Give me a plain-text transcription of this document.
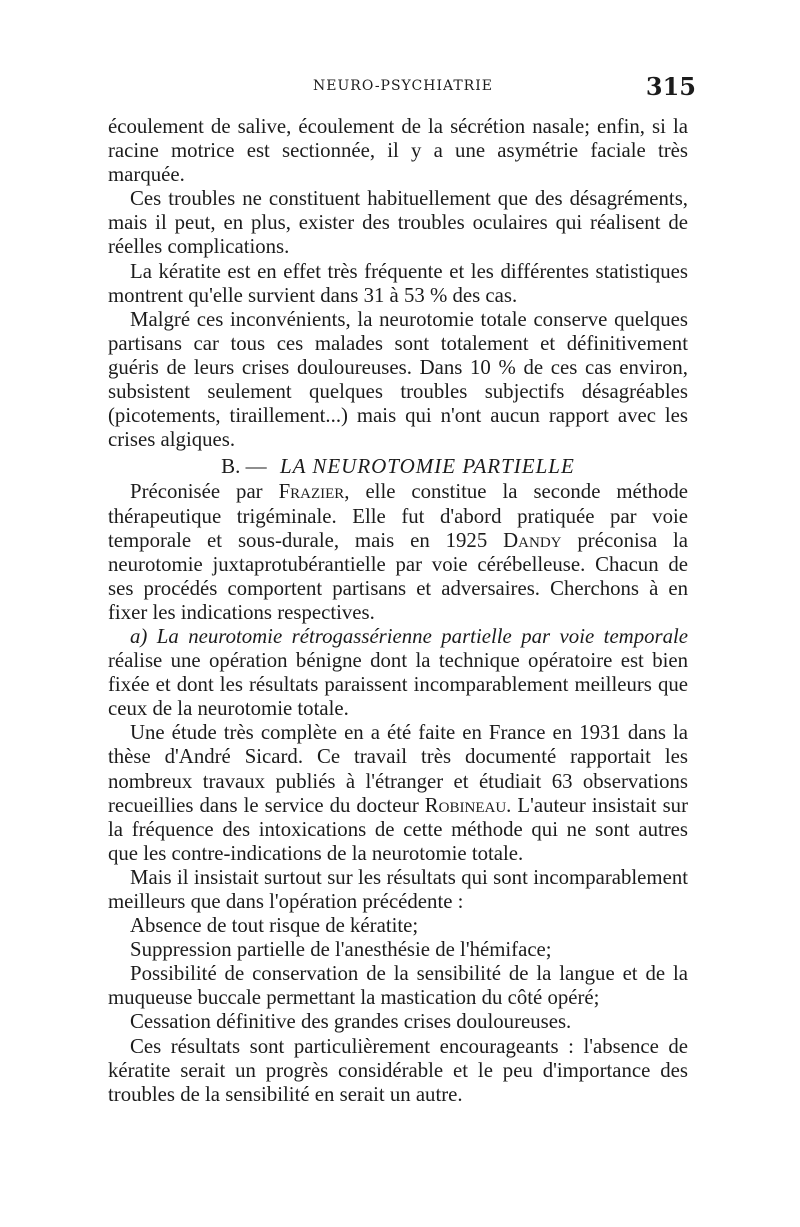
NEURO-PSYCHIATRIE	315

écoulement de salive, écoulement de la sécrétion nasale; enfin, si la racine motrice est sectionnée, il y a une asymétrie faciale très marquée.

Ces troubles ne constituent habituellement que des désagréments, mais il peut, en plus, exister des troubles oculaires qui réalisent de réelles complications.

La kératite est en effet très fréquente et les différentes statistiques montrent qu'elle survient dans 31 à 53 % des cas.

Malgré ces inconvénients, la neurotomie totale conserve quelques partisans car tous ces malades sont totalement et définitivement guéris de leurs crises douloureuses. Dans 10 % de ces cas environ, subsistent seulement quelques troubles subjectifs désagréables (picotements, tiraillement...) mais qui n'ont aucun rapport avec les crises algiques.

B. — LA NEUROTOMIE PARTIELLE

Préconisée par Frazier, elle constitue la seconde méthode thérapeutique trigéminale. Elle fut d'abord pratiquée par voie temporale et sous-durale, mais en 1925 Dandy préconisa la neurotomie juxtaprotubérantielle par voie cérébelleuse. Chacun de ses procédés comportent partisans et adversaires. Cherchons à en fixer les indications respectives.

a) La neurotomie rétrogassérienne partielle par voie temporale réalise une opération bénigne dont la technique opératoire est bien fixée et dont les résultats paraissent incomparablement meilleurs que ceux de la neurotomie totale.

Une étude très complète en a été faite en France en 1931 dans la thèse d'André Sicard. Ce travail très documenté rapportait les nombreux travaux publiés à l'étranger et étudiait 63 observations recueillies dans le service du docteur Robineau. L'auteur insistait sur la fréquence des intoxications de cette méthode qui ne sont autres que les contre-indications de la neurotomie totale.

Mais il insistait surtout sur les résultats qui sont incomparablement meilleurs que dans l'opération précédente :

Absence de tout risque de kératite;

Suppression partielle de l'anesthésie de l'hémiface;

Possibilité de conservation de la sensibilité de la langue et de la muqueuse buccale permettant la mastication du côté opéré;

Cessation définitive des grandes crises douloureuses.

Ces résultats sont particulièrement encourageants : l'absence de kératite serait un progrès considérable et le peu d'importance des troubles de la sensibilité en serait un autre.
